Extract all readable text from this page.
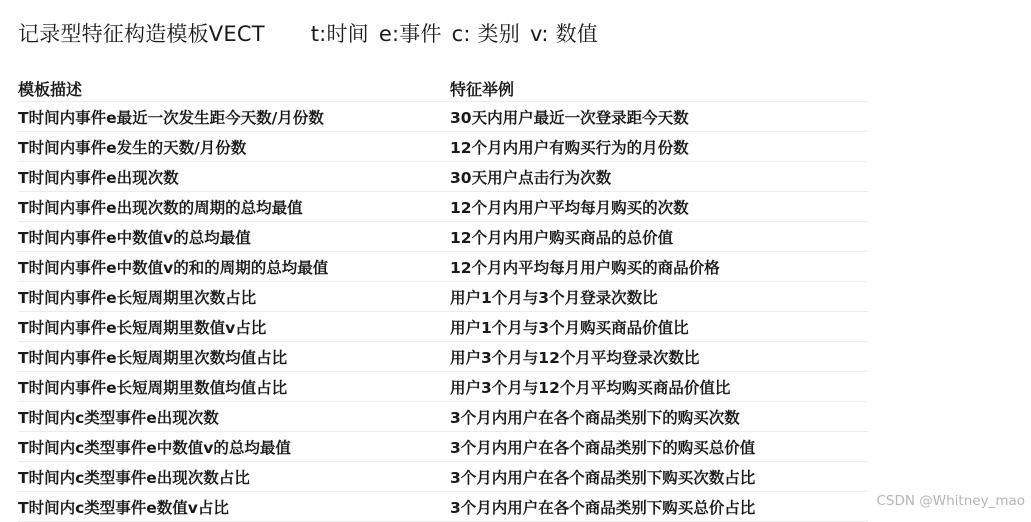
记录型特征构造模板VECT t:时间 e:事件 c: 类别 v: 数值
模板描述	特征举例
T时间内事件e最近一次发生距今天数/月份数	30天内用户最近一次登录距今天数
T时间内事件e发生的天数/月份数	12个月内用户有购买行为的月份数
T时间内事件e出现次数	30天用户点击行为次数
T时间内事件e出现次数的周期的总均最值	12个月内用户平均每月购买的次数
T时间内事件e中数值v的总均最值	12个月内用户购买商品的总价值
T时间内事件e中数值v的和的周期的总均最值	12个月内平均每月用户购买的商品价格
T时间内事件e长短周期里次数占比	用户1个月与3个月登录次数比
T时间内事件e长短周期里数值v占比	用户1个月与3个月购买商品价值比
T时间内事件e长短周期里次数均值占比	用户3个月与12个月平均登录次数比
T时间内事件e长短周期里数值均值占比	用户3个月与12个月平均购买商品价值比
T时间内c类型事件e出现次数	3个月内用户在各个商品类别下的购买次数
T时间内c类型事件e中数值v的总均最值	3个月内用户在各个商品类别下的购买总价值
T时间内c类型事件e出现次数占比	3个月内用户在各个商品类别下购买次数占比
T时间内c类型事件e数值v占比	3个月内用户在各个商品类别下购买总价占比	CSDN @Whitney_mao
